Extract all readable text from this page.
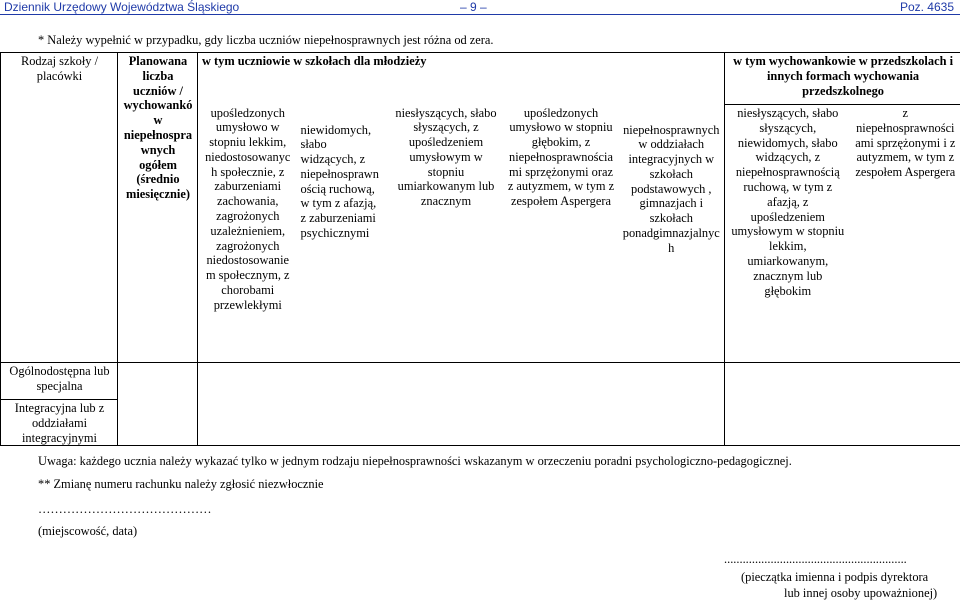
Dziennik Urzędowy Województwa Śląskiego	– 9 –	Poz. 4635
* Należy wypełnić w przypadku, gdy liczba uczniów niepełnosprawnych jest różna od zera.
Rodzaj szkoły / placówki	Planowana liczba uczniów / wychowanków niepełnosprawnych ogółem (średnio miesięcznie)	w tym uczniowie w szkołach dla młodzieży					w tym wychowankowie w przedszkolach i innych formach wychowania przedszkolnego	
		upośledzonych umysłowo w stopniu lekkim, niedostosowanych społecznie, z zaburzeniami zachowania, zagrożonych uzależnieniem, zagrożonych niedostosowaniem społecznym, z chorobami przewlekłymi	niewidomych, słabo widzących, z niepełnosprawnością ruchową, w tym z afazją, z zaburzeniami psychicznymi	niesłyszących, słabo słyszących, z upośledzeniem umysłowym w stopniu umiarkowanym lub znacznym	upośledzonych umysłowo w stopniu głębokim, z niepełnosprawnościami sprzężonymi oraz z autyzmem, w tym z zespołem Aspergera	niepełnosprawnych w oddziałach integracyjnych w szkołach podstawowych , gimnazjach i szkołach ponadgimnazjalnych	niesłyszących, słabo słyszących, niewidomych, słabo widzących, z niepełnosprawnością ruchową, w tym z afazją, z upośledzeniem umysłowym w stopniu lekkim, umiarkowanym, znacznym lub głębokim	z niepełnosprawnościami sprzężonymi i z autyzmem, w tym z zespołem Aspergera
Ogólnodostępna lub specjalna								
Integracyjna lub z oddziałami integracyjnymi								
Uwaga: każdego ucznia należy wykazać tylko w jednym rodzaju niepełnosprawności wskazanym w orzeczeniu poradni psychologiczno-pedagogicznej.
** Zmianę numeru rachunku należy zgłosić niezwłocznie
……………………………………
(miejscowość, data)
...........................................................
(pieczątka imienna i podpis dyrektora
lub innej osoby upoważnionej)
